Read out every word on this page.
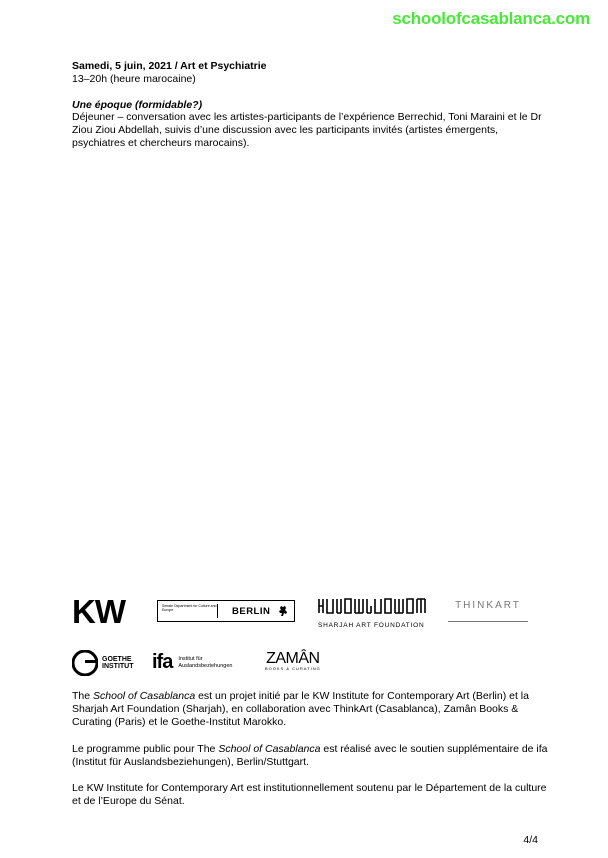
schoolofcasablanca.com
Samedi, 5 juin, 2021 / Art et Psychiatrie
13–20h (heure marocaine)
Une époque (formidable?)
Déjeuner – conversation avec les artistes-participants de l’expérience Berrechid, Toni Maraini et le Dr Ziou Ziou Abdellah, suivis d’une discussion avec les participants invités (artistes émergents, psychiatres et chercheurs marocains).
KW	Senate Department for Culture and Europe	BERLIN
SHARJAH ART FOUNDATION
THINKART
GOETHE
INSTITUT ifa Institut für
Auslandsbeziehungen ZAMÂN
BOOKS & CURATING
The School of Casablanca est un projet initié par le KW Institute for Contemporary Art (Berlin) et la Sharjah Art Foundation (Sharjah), en collaboration avec ThinkArt (Casablanca), Zamân Books & Curating (Paris) et le Goethe-Institut Marokko.
Le programme public pour The School of Casablanca est réalisé avec le soutien supplémentaire de ifa (Institut für Auslandsbeziehungen), Berlin/Stuttgart.
Le KW Institute for Contemporary Art est institutionnellement soutenu par le Département de la culture et de l’Europe du Sénat.
4/4
